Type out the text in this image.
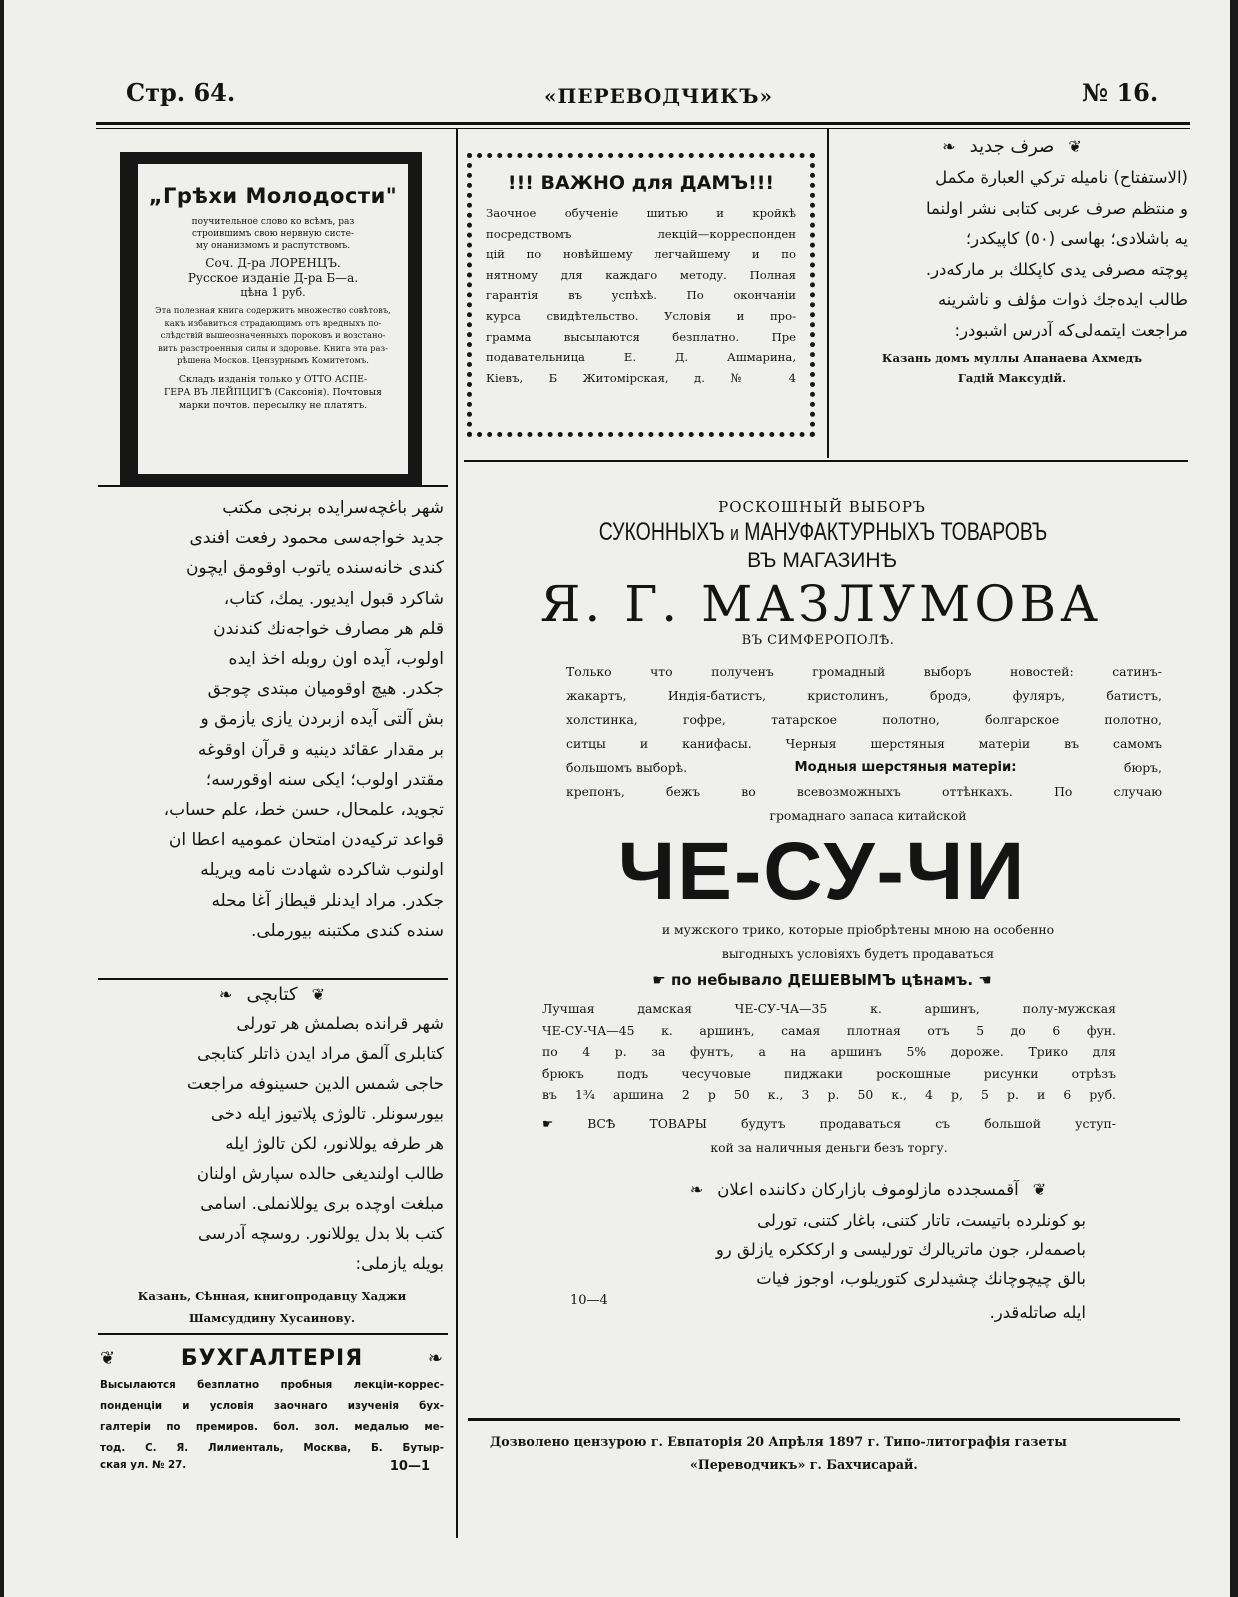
Стр. 64.	«ПЕРЕВОДЧИКЪ»	№ 16.
„Грѣхи Молодости"
поучительное слово ко всѣмъ, раз
строившимъ свою нервную систе-
му онанизмомъ и распутствомъ.
Соч. Д-ра ЛОРЕНЦЪ.
Русское изданіе Д-ра Б—а.
цѣна 1 руб.
Эта полезная книга содержитъ множество совѣтовъ,
какъ избавиться страдающимъ отъ вредныхъ по-
слѣдствій вышеозначенныхъ пороковъ и возстано-
вить разстроенныя силы и здоровье. Книга эта раз-
рѣшена Москов. Цензурнымъ Комитетомъ.
Складъ изданія только у ОТТО АСПЕ-
ГЕРА ВЪ ЛЕЙПЦИГѢ (Саксонія). Почтовыя
марки почтов. пересылку не платятъ.
!!! ВАЖНО для ДАМЪ!!!
Заочное обученіе шитью и кройкѣ
посредствомъ лекцій—корреспонден
цій по новѣйшему легчайшему и по
нятному для каждаго методу. Полная
гарантія въ успѣхѣ. По окончаніи
курса свидѣтельство. Условія и про-
грамма высылаются безплатно. Пре
подавательница Е. Д. Ашмарина,
Кіевъ, Б Житомірская, д. № 4
❦صرف جديد❧
(الاستفتاح) ناميله تركي العبارة مكمل
و منتظم صرف عربى كتابى نشر اولنما
يه باشلادى؛ بهاسى (٥٠) كاپيكدر؛
پوچته مصرفى يدى كاپكلك بر ماركه‌در.
طالب ايده‌جك ذوات مؤلف و ناشرينه
مراجعت ايتمه‌لى‌كه آدرس اشبودر:
Казань домъ муллы Апанаева Ахмедъ
Гадій Максудій.
شهر باغچه‌سرايده برنجى مكتب
جديد خواجه‌سى محمود رفعت افندى
كندى خانه‌سنده ياتوب اوقومق ايچون
شاكرد قبول ايديور. يمك، كتاب،
قلم هر مصارف خواجه‌نك كندندن
اولوب، آيده اون روبله اخذ ايده‌
جكدر. هيچ اوقوميان مبتدى چوجق
بش آلتى آيده ازبردن يازى يازمق و
بر مقدار عقائد دينيه و قرآن اوقوغه
مقتدر اولوب؛ ايكى سنه اوقورسه؛
تجويد، علمحال، حسن خط، علم حساب،
قواعد تركيه‌دن امتحان عموميه اعطا ان
اولنوب شاكرده شهادت نامه ويريله‌
جكدر. مراد ايدنلر قيطاز آغا محله‌
سنده كندى مكتبنه بيورملى.
❦كتابچى❧
شهر قرانده بصلمش هر تورلى
كتابلرى آلمق مراد ايدن ذاتلر كتابجى
حاجى شمس الدين حسينوفه مراجعت
بيورسونلر. تالوژى پلاتيوز ايله دخى
هر طرفه يوللانور، لكن تالوژ ايله
طالب اولنديغى حالده سپارش اولنان
مبلغت اوچده برى يوللانملى. اسامى
كتب بلا بدل يوللانور. روسچه آدرسى
بويله يازملى:
Казань, Сѣнная, книгопродавцу Хаджи
Шамсуддину Хусаинову.
❦	БУХГАЛТЕРІЯ	❧
Высылаются безплатно пробныя лекціи-коррес-
понденціи и условія заочнаго изученія бух-
галтеріи по премиров. бол. зол. медалью ме-
тод. С. Я. Лилиенталь, Москва, Б. Бутыр-
ская ул. № 27.	10—1
РОСКОШНЫЙ ВЫБОРЪ
СУКОННЫХЪ и МАНУФАКТУРНЫХЪ ТОВАРОВЪ
ВЪ МАГАЗИНѢ
Я. Г. МАЗЛУМОВА
ВЪ СИМФЕРОПОЛѢ.
Только что полученъ громадный выборъ новостей: сатинъ-
жакартъ, Индія-батистъ, кристолинъ, бродэ, фуляръ, батистъ,
холстинка, гофре, татарское полотно, болгарское полотно,
ситцы и канифасы. Черныя шерстяныя матеріи въ самомъ
большомъ выборѣ.	Модныя шерстяныя матеріи:	бюръ,
крепонъ, бежъ во всевозможныхъ оттѣнкахъ. По случаю
громаднаго запаса китайской
ЧЕ-СУ-ЧИ
и мужского трико, которые пріобрѣтены мною на особенно
выгодныхъ условіяхъ будетъ продаваться
☛ по небывало ДЕШЕВЫМЪ цѣнамъ. ☚
Лучшая дамская ЧЕ-СУ-ЧА—35 к. аршинъ, полу-мужская
ЧЕ-СУ-ЧА—45 к. аршинъ, самая плотная отъ 5 до 6 фун.
по 4 р. за фунтъ, а на аршинъ 5% дороже. Трико для
брюкъ подъ чесучовые пиджаки роскошные рисунки отрѣзъ
въ 1¾ аршина 2 р 50 к., 3 р. 50 к., 4 р, 5 р. и 6 руб.
☛	ВСѢ ТОВАРЫ будутъ продаваться съ большой уступ-
кой за наличныя деньги безъ торгу.
❦آقمسجدده مازلوموف بازارکان دکاننده اعلان❧
بو كونلرده باتيست، تاتار كتنى، باغار كتنى، تورلى
باصمه‌لر، جون ماتريالرك تورليسى و اركككره يازلق رو
بالق چيچوچانك چشيدلرى كتوريلوب، اوجوز فيات
10—4
ايله صاتله‌قدر.
Дозволено цензурою г. Евпаторія 20 Апрѣля 1897 г. Типо-литографія газеты
«Переводчикъ» г. Бахчисарай.
